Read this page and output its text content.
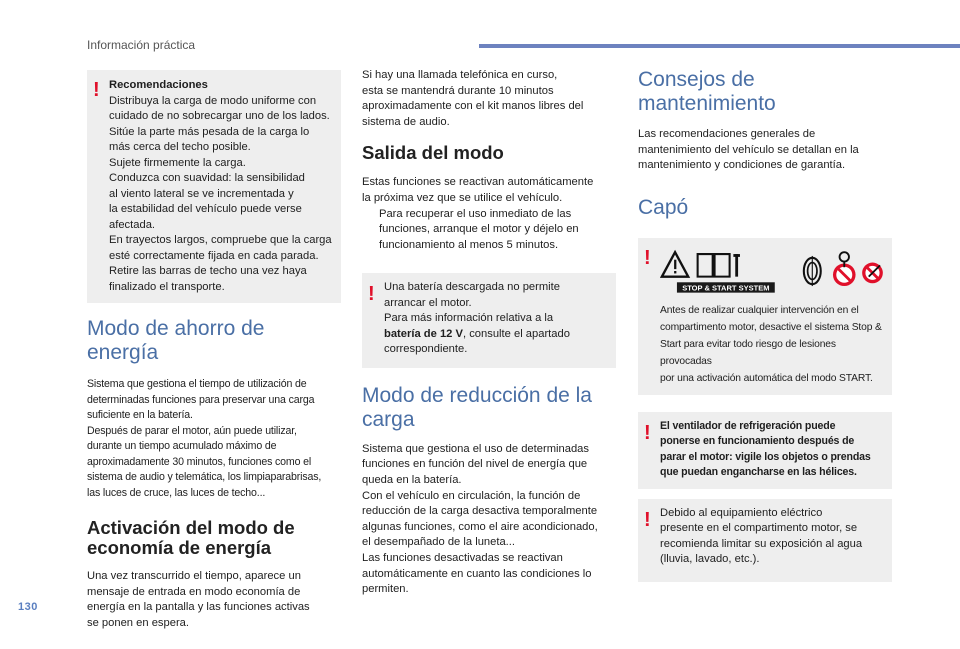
Información práctica
130
! Recomendaciones

Distribuya la carga de modo uniforme con

cuidado de no sobrecargar uno de los lados.

Sitúe la parte más pesada de la carga lo

más cerca del techo posible.

Sujete firmemente la carga.

Conduzca con suavidad: la sensibilidad

al viento lateral se ve incrementada y

la estabilidad del vehículo puede verse

afectada.

En trayectos largos, compruebe que la carga

esté correctamente fijada en cada parada.

Retire las barras de techo una vez haya

finalizado el transporte.

Modo de ahorro de energía
Sistema que gestiona el tiempo de utilización de
determinadas funciones para preservar una carga
suficiente en la batería.
Después de parar el motor, aún puede utilizar,
durante un tiempo acumulado máximo de
aproximadamente 30 minutos, funciones como el
sistema de audio y telemática, los limpiaparabrisas,
las luces de cruce, las luces de techo...
Activación del modo de
economía de energía
Una vez transcurrido el tiempo, aparece un
mensaje de entrada en modo economía de
energía en la pantalla y las funciones activas
se ponen en espera.
Si hay una llamada telefónica en curso,
esta se mantendrá durante 10 minutos
aproximadamente con el kit manos libres del
sistema de audio.
Salida del modo
Estas funciones se reactivan automáticamente
la próxima vez que se utilice el vehículo.
Para recuperar el uso inmediato de las
funciones, arranque el motor y déjelo en
funcionamiento al menos 5 minutos.
! Una batería descargada no permite

arrancar el motor.

Para más información relativa a la

batería de 12 V, consulte el apartado

correspondiente.

Modo de reducción de la
carga
Sistema que gestiona el uso de determinadas
funciones en función del nivel de energía que
queda en la batería.
Con el vehículo en circulación, la función de
reducción de la carga desactiva temporalmente
algunas funciones, como el aire acondicionado,
el desempañado de la luneta...
Las funciones desactivadas se reactivan
automáticamente en cuanto las condiciones lo
permiten.
Consejos de mantenimiento
Las recomendaciones generales de
mantenimiento del vehículo se detallan en la
mantenimiento y condiciones de garantía.
Capó
!
STOP & START SYSTEM
Antes de realizar cualquier intervención en el
compartimento motor, desactive el sistema Stop &
Start para evitar todo riesgo de lesiones provocadas
por una activación automática del modo START.
! El ventilador de refrigeración puede

ponerse en funcionamiento después de

parar el motor: vigile los objetos o prendas

que puedan engancharse en las hélices.

! Debido al equipamiento eléctrico

presente en el compartimento motor, se

recomienda limitar su exposición al agua

(lluvia, lavado, etc.).
